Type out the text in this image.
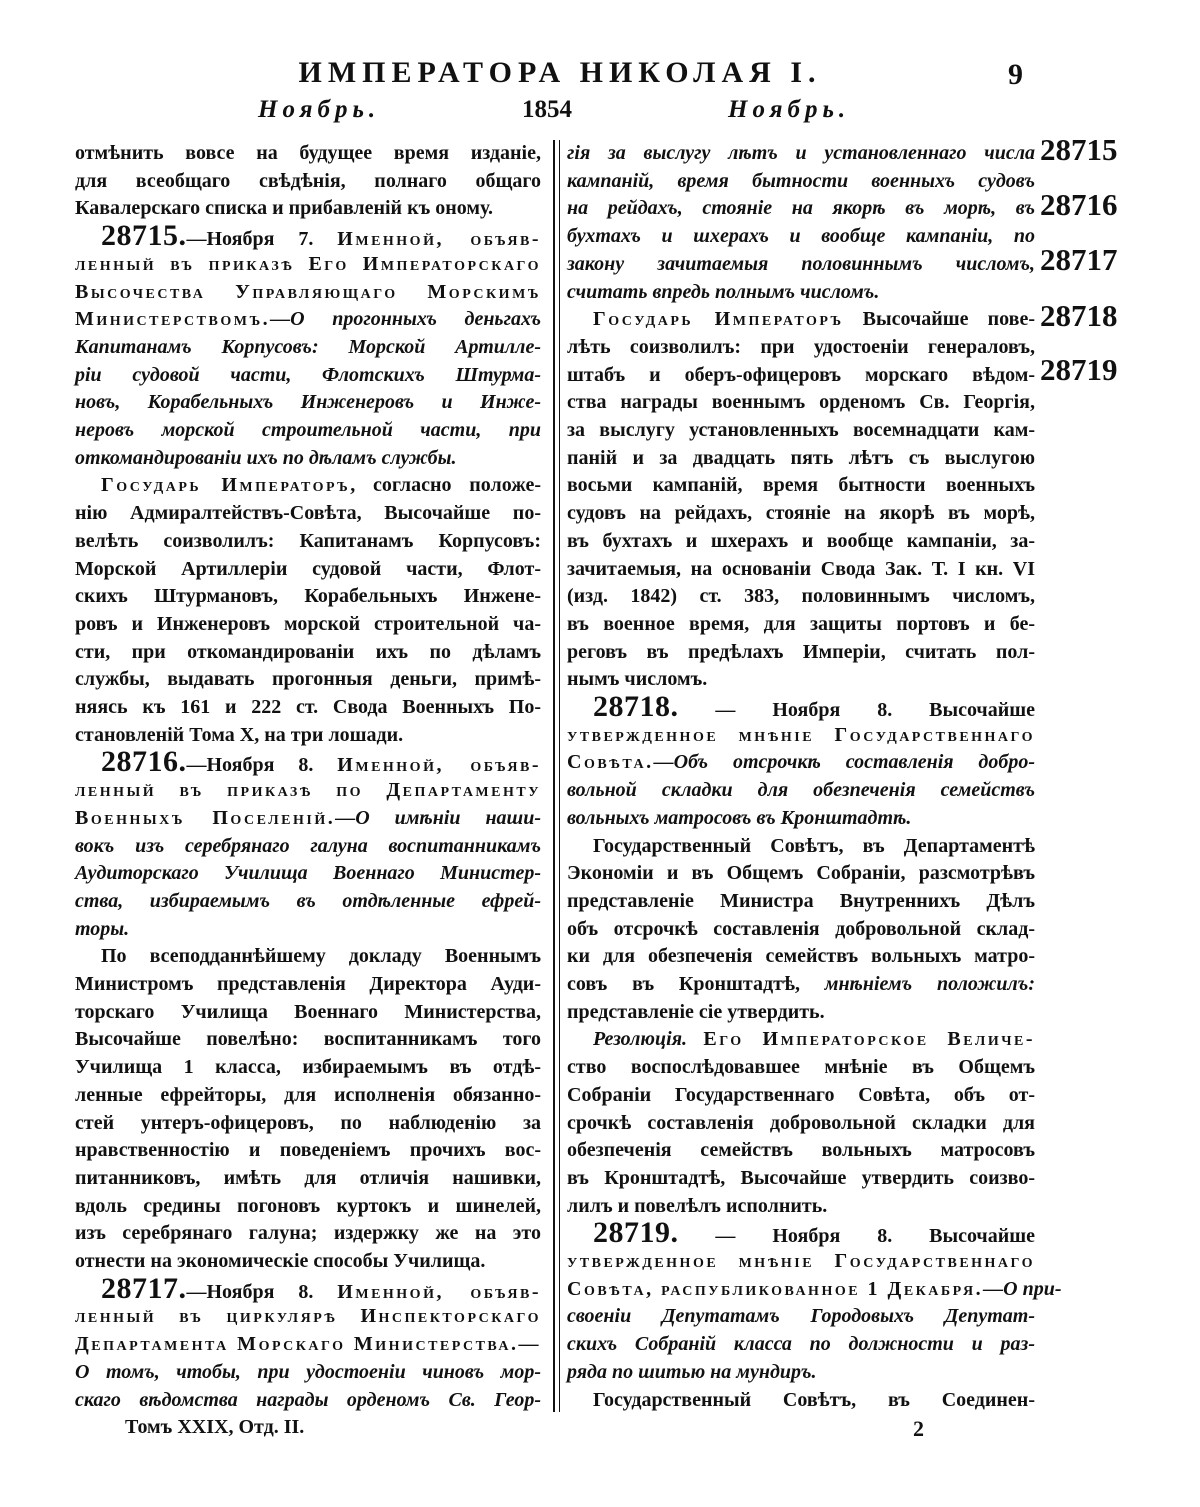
ИМПЕРАТОРА НИКОЛАЯ I.	9
Ноябрь.	1854	Ноябрь.
отмѣнить вовсе на будущее время изданіе,
для всеобщаго свѣдѣнія, полнаго общаго
Кавалерскаго списка и прибавленій къ оному.
28715.—Ноября 7. Именной, объяв-
ленный въ приказѣ Его Императорскаго
Высочества Управляющаго Морскимъ
Министерствомъ.—О прогонныхъ деньгахъ
Капитанамъ Корпусовъ: Морской Артилле-
ріи судовой части, Флотскихъ Штурма-
новъ, Корабельныхъ Инженеровъ и Инже-
неровъ морской строительной части, при
откомандированіи ихъ по дѣламъ службы.
Государь Императоръ, согласно положе-
нію Адмиралтействъ-Совѣта, Высочайше по-
велѣть соизволилъ: Капитанамъ Корпусовъ:
Морской Артиллеріи судовой части, Флот-
скихъ Штурмановъ, Корабельныхъ Инжене-
ровъ и Инженеровъ морской строительной ча-
сти, при откомандированіи ихъ по дѣламъ
службы, выдавать прогонныя деньги, примѣ-
няясь къ 161 и 222 ст. Свода Военныхъ По-
становленій Тома X, на три лошади.
28716.—Ноября 8. Именной, объяв-
ленный въ приказѣ по Департаменту
Военныхъ Поселеній.—О имѣніи наши-
вокъ изъ серебрянаго галуна воспитанникамъ
Аудиторскаго Училища Военнаго Министер-
ства, избираемымъ въ отдѣленные ефрей-
торы.
По всеподданнѣйшему докладу Военнымъ
Министромъ представленія Директора Ауди-
торскаго Училища Военнаго Министерства,
Высочайше повелѣно: воспитанникамъ того
Училища 1 класса, избираемымъ въ отдѣ-
ленные ефрейторы, для исполненія обязанно-
стей унтеръ-офицеровъ, по наблюденію за
нравственностію и поведеніемъ прочихъ вос-
питанниковъ, имѣть для отличія нашивки,
вдоль средины погоновъ куртокъ и шинелей,
изъ серебрянаго галуна; издержку же на это
отнести на экономическіе способы Училища.
28717.—Ноября 8. Именной, объяв-
ленный въ циркулярѣ Инспекторскаго
Департамента Морскаго Министерства.—
О томъ, чтобы, при удостоеніи чиновъ мор-
скаго вѣдомства награды орденомъ Св. Геор-
гія за выслугу лѣтъ и установленнаго числа
кампаній, время бытности военныхъ судовъ
на рейдахъ, стояніе на якорѣ въ морѣ, въ
бухтахъ и шхерахъ и вообще кампаніи, по
закону зачитаемыя половиннымъ числомъ,
считать впредь полнымъ числомъ.
Государь Императоръ Высочайше пове-
лѣть соизволилъ: при удостоеніи генераловъ,
штабъ и оберъ-офицеровъ морскаго вѣдом-
ства награды военнымъ орденомъ Св. Георгія,
за выслугу установленныхъ восемнадцати кам-
паній и за двадцать пять лѣтъ съ выслугою
восьми кампаній, время бытности военныхъ
судовъ на рейдахъ, стояніе на якорѣ въ морѣ,
въ бухтахъ и шхерахъ и вообще кампаніи, за-
зачитаемыя, на основаніи Свода Зак. Т. I кн. VI
(изд. 1842) ст. 383, половиннымъ числомъ,
въ военное время, для защиты портовъ и бе-
реговъ въ предѣлахъ Имперіи, считать пол-
нымъ числомъ.
28718. — Ноября 8. Высочайше
утвержденное мнѣніе Государственнаго
Совѣта.—Объ отсрочкѣ составленія добро-
вольной складки для обезпеченія семействъ
вольныхъ матросовъ въ Кронштадтѣ.
Государственный Совѣтъ, въ Департаментѣ
Экономіи и въ Общемъ Собраніи, разсмотрѣвъ
представленіе Министра Внутреннихъ Дѣлъ
объ отсрочкѣ составленія добровольной склад-
ки для обезпеченія семействъ вольныхъ матро-
совъ въ Кронштадтѣ, мнѣніемъ положилъ:
представленіе сіе утвердить.
Резолюція. Его Императорское Величе-
ство воспослѣдовавшее мнѣніе въ Общемъ
Собраніи Государственнаго Совѣта, объ от-
срочкѣ составленія добровольной складки для
обезпеченія семействъ вольныхъ матросовъ
въ Кронштадтѣ, Высочайше утвердить соизво-
лилъ и повелѣлъ исполнить.
28719. — Ноября 8. Высочайше
утвержденное мнѣніе Государственнаго
Совѣта, распубликованное 1 Декабря.—О при-
своеніи Депутатамъ Городовыхъ Депутат-
скихъ Собраній класса по должности и раз-
ряда по шитью на мундиръ.
Государственный Совѣтъ, въ Соединен-
28715
28716
28717
28718
28719
Томъ XXIX, Отд. II.	2
